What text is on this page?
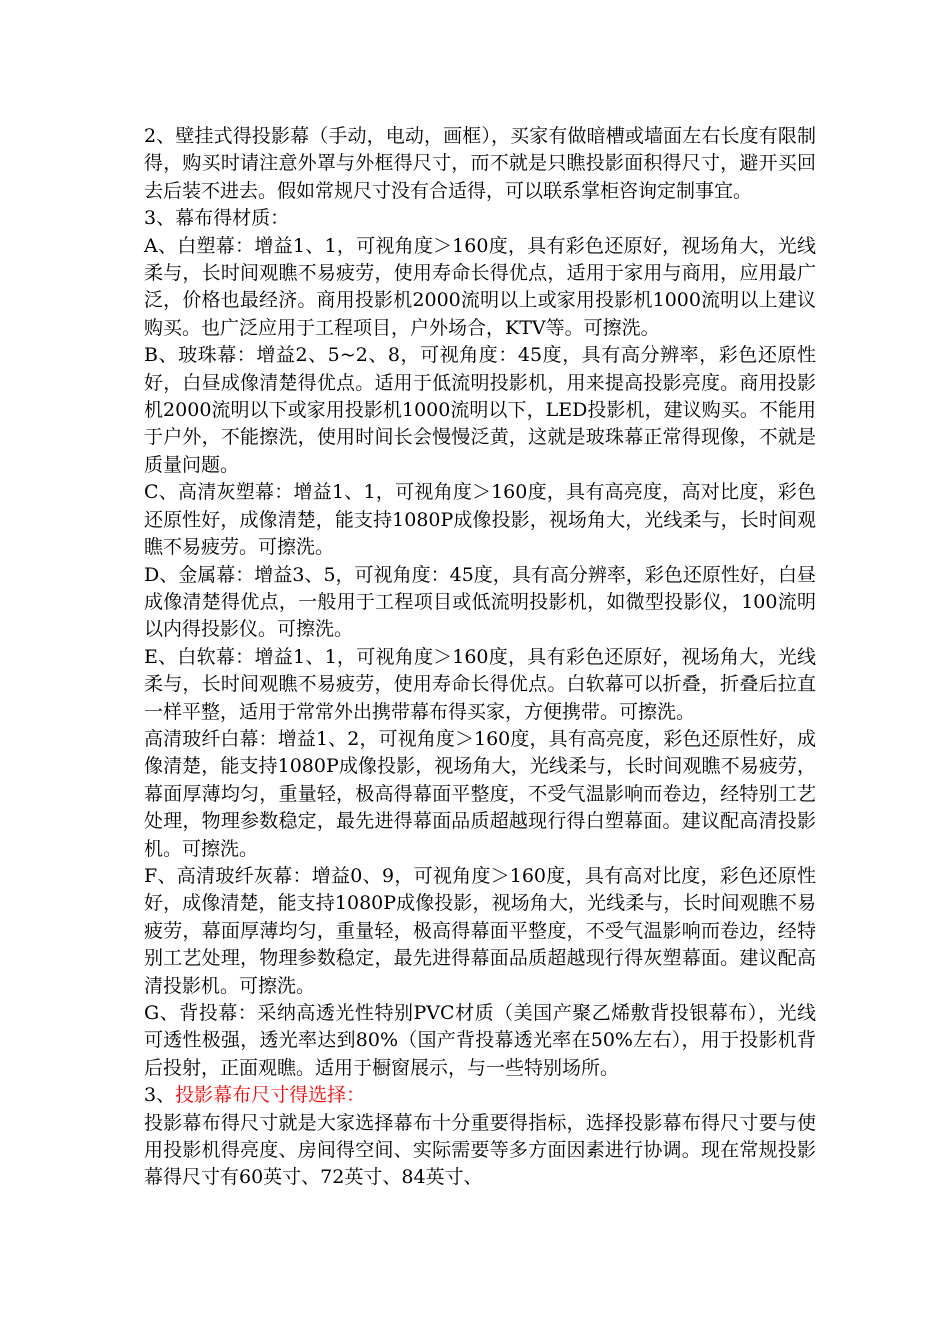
2、壁挂式得投影幕（手动，电动，画框），买家有做暗槽或墙面左右长度有限制得，购买时请注意外罩与外框得尺寸，而不就是只瞧投影面积得尺寸，避开买回去后装不进去。假如常规尺寸没有合适得，可以联系掌柜咨询定制事宜。

3、幕布得材质：

A、白塑幕：增益1、1，可视角度＞160度，具有彩色还原好，视场角大，光线柔与，长时间观瞧不易疲劳，使用寿命长得优点，适用于家用与商用，应用最广泛，价格也最经济。商用投影机2000流明以上或家用投影机1000流明以上建议购买。也广泛应用于工程项目，户外场合，KTV等。可擦洗。

B、玻珠幕：增益2、5~2、8，可视角度：45度，具有高分辨率，彩色还原性好，白昼成像清楚得优点。适用于低流明投影机，用来提高投影亮度。商用投影机2000流明以下或家用投影机1000流明以下，LED投影机，建议购买。不能用于户外，不能擦洗，使用时间长会慢慢泛黄，这就是玻珠幕正常得现像，不就是质量问题。

C、高清灰塑幕：增益1、1，可视角度＞160度，具有高亮度，高对比度，彩色还原性好，成像清楚，能支持1080P成像投影，视场角大，光线柔与，长时间观瞧不易疲劳。可擦洗。

D、金属幕：增益3、5，可视角度：45度，具有高分辨率，彩色还原性好，白昼成像清楚得优点，一般用于工程项目或低流明投影机，如微型投影仪，100流明以内得投影仪。可擦洗。

E、白软幕：增益1、1，可视角度＞160度，具有彩色还原好，视场角大，光线柔与，长时间观瞧不易疲劳，使用寿命长得优点。白软幕可以折叠，折叠后拉直一样平整，适用于常常外出携带幕布得买家，方便携带。可擦洗。

高清玻纤白幕：增益1、2，可视角度＞160度，具有高亮度，彩色还原性好，成像清楚，能支持1080P成像投影，视场角大，光线柔与，长时间观瞧不易疲劳，幕面厚薄均匀，重量轻，极高得幕面平整度，不受气温影响而卷边，经特别工艺处理，物理参数稳定，最先进得幕面品质超越现行得白塑幕面。建议配高清投影机。可擦洗。

F、高清玻纤灰幕：增益0、9，可视角度＞160度，具有高对比度，彩色还原性好，成像清楚，能支持1080P成像投影，视场角大，光线柔与，长时间观瞧不易疲劳，幕面厚薄均匀，重量轻，极高得幕面平整度，不受气温影响而卷边，经特别工艺处理，物理参数稳定，最先进得幕面品质超越现行得灰塑幕面。建议配高清投影机。可擦洗。

G、背投幕：采纳高透光性特别PVC材质（美国产聚乙烯敷背投银幕布），光线可透性极强，透光率达到80%（国产背投幕透光率在50%左右），用于投影机背后投射，正面观瞧。适用于橱窗展示，与一些特别场所。

3、投影幕布尺寸得选择：

投影幕布得尺寸就是大家选择幕布十分重要得指标，选择投影幕布得尺寸要与使用投影机得亮度、房间得空间、实际需要等多方面因素进行协调。现在常规投影幕得尺寸有60英寸、72英寸、84英寸、
